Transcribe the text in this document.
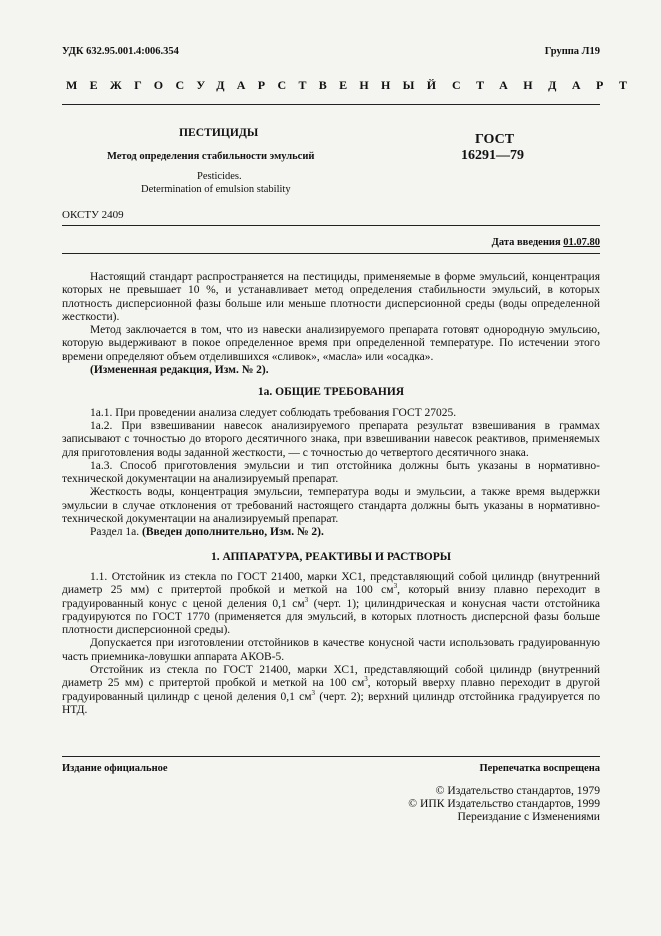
УДК 632.95.001.4:006.354	Группа Л19
МЕЖГОСУДАРСТВЕННЫЙ СТАНДАРТ
ПЕСТИЦИДЫ
Метод определения стабильности эмульсий
Pesticides.
Determination of emulsion stability
ГОСТ
16291—79
ОКСТУ 2409
Дата введения 01.07.80

Настоящий стандарт распространяется на пестициды, применяемые в форме эмульсий, концентрация которых не превышает 10 %, и устанавливает метод определения стабильности эмульсий, в которых плотность дисперсионной фазы больше или меньше плотности дисперсионной среды (воды определенной жесткости).

Метод заключается в том, что из навески анализируемого препарата готовят однородную эмульсию, которую выдерживают в покое определенное время при определенной температуре. По истечении этого времени определяют объем отделившихся «сливок», «масла» или «осадка».

(Измененная редакция, Изм. № 2).

1а. ОБЩИЕ ТРЕБОВАНИЯ

1а.1. При проведении анализа следует соблюдать требования ГОСТ 27025.

1а.2. При взвешивании навесок анализируемого препарата результат взвешивания в граммах записывают с точностью до второго десятичного знака, при взвешивании навесок реактивов, применяемых для приготовления воды заданной жесткости, — с точностью до четвертого десятичного знака.

1а.3. Способ приготовления эмульсии и тип отстойника должны быть указаны в нормативно-технической документации на анализируемый препарат.

Жесткость воды, концентрация эмульсии, температура воды и эмульсии, а также время выдержки эмульсии в случае отклонения от требований настоящего стандарта должны быть указаны в нормативно-технической документации на анализируемый препарат.

Раздел 1а. (Введен дополнительно, Изм. № 2).

1. АППАРАТУРА, РЕАКТИВЫ И РАСТВОРЫ

1.1. Отстойник из стекла по ГОСТ 21400, марки ХС1, представляющий собой цилиндр (внутренний диаметр 25 мм) с притертой пробкой и меткой на 100 $см^3$, который внизу плавно переходит в градуированный конус с ценой деления 0,1 $см^3$ (черт. 1); цилиндрическая и конусная части отстойника градуируются по ГОСТ 1770 (применяется для эмульсий, в которых плотность дисперсной фазы больше плотности дисперсионной среды).

Допускается при изготовлении отстойников в качестве конусной части использовать градуированную часть приемника-ловушки аппарата АКОВ-5.

Отстойник из стекла по ГОСТ 21400, марки ХС1, представляющий собой цилиндр (внутренний диаметр 25 мм) с притертой пробкой и меткой на 100 $см^3$, который вверху плавно переходит в другой градуированный цилиндр с ценой деления 0,1 $см^3$ (черт. 2); верхний цилиндр отстойника градуируется по НТД.

Издание официальное	Перепечатка воспрещена
© Издательство стандартов, 1979
© ИПК Издательство стандартов, 1999
Переиздание с Изменениями
